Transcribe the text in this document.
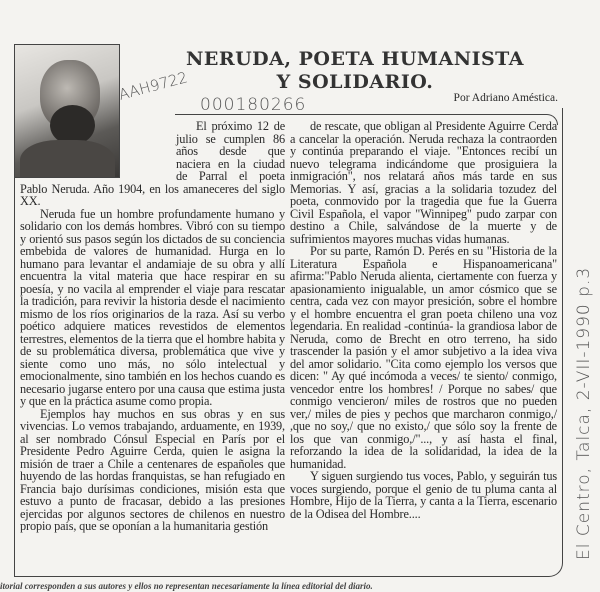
NERUDA, POETA HUMANISTA
Y SOLIDARIO.
Por Adriano Améstica.
AAH9722
000180266
El Centro, Talca, 2-VII-1990 p.3

El próximo 12 de julio se cumplen 86 años desde que naciera en la ciudad de Parral el poeta Pablo Neruda. Año 1904, en los amaneceres del siglo XX.

Neruda fue un hombre profundamente humano y solidario con los demás hombres. Vibró con su tiempo y orientó sus pasos según los dictados de su conciencia embebida de valores de humanidad. Hurga en lo humano para levantar el andamiaje de su obra y allí encuentra la vital materia que hace respirar en su poesía, y no vacila al emprender el viaje para rescatar la tradición, para revivir la historia desde el nacimiento mismo de los ríos originarios de la raza. Así su verbo poético adquiere matices revestidos de elementos terrestres, elementos de la tierra que el hombre habita y de su problemática diversa, problemática que vive y siente como uno más, no sólo intelectual y emocionalmente, sino también en los hechos cuando es necesario jugarse entero por una causa que estima justa y que en la práctica asume como propia.

Ejemplos hay muchos en sus obras y en sus vivencias. Lo vemos trabajando, arduamente, en 1939, al ser nombrado Cónsul Especial en París por el Presidente Pedro Aguirre Cerda, quien le asigna la misión de traer a Chile a centenares de españoles que huyendo de las hordas franquistas, se han refugiado en Francia bajo durísimas condiciones, misión esta que estuvo a punto de fracasar, debido a las presiones ejercidas por algunos sectores de chilenos en nuestro propio país, que se oponían a la humanitaria gestión

de rescate, que obligan al Presidente Aguirre Cerda a cancelar la operación. Neruda rechaza la contraorden y continúa preparando el viaje. "Entonces recibí un nuevo telegrama indicándome que prosiguiera la inmigración", nos relatará años más tarde en sus Memorias. Y así, gracias a la solidaria tozudez del poeta, conmovido por la tragedia que fue la Guerra Civil Española, el vapor "Winnipeg" pudo zarpar con destino a Chile, salvándose de la muerte y de sufrimientos mayores muchas vidas humanas.

Por su parte, Ramón D. Perés en su "Historia de la Literatura Española e Hispanoamericana" afirma:"Pablo Neruda alienta, ciertamente con fuerza y apasionamiento inigualable, un amor cósmico que se centra, cada vez con mayor presición, sobre el hombre y el hombre encuentra el gran poeta chileno una voz legendaria. En realidad -continúa- la grandiosa labor de Neruda, como de Brecht en otro terreno, ha sido trascender la pasión y el amor subjetivo a la idea viva del amor solidario. "Cita como ejemplo los versos que dicen: " Ay qué incómoda a veces/ te siento/ conmigo, vencedor entre los hombres! / Porque no sabes/ que conmigo vencieron/ miles de rostros que no pueden ver,/ miles de pies y pechos que marcharon conmigo,/ ,que no soy,/ que no existo,/ que sólo soy la frente de los que van conmigo,/"..., y así hasta el final, reforzando la idea de la solidaridad, la idea de la humanidad.

Y siguen surgiendo tus voces, Pablo, y seguirán tus voces surgiendo, porque el genio de tu pluma canta al Hombre, Hijo de la Tierra, y canta a la Tierra, escenario de la Odisea del Hombre....

itorial corresponden a sus autores y ellos no representan necesariamente la línea editorial del diario.
